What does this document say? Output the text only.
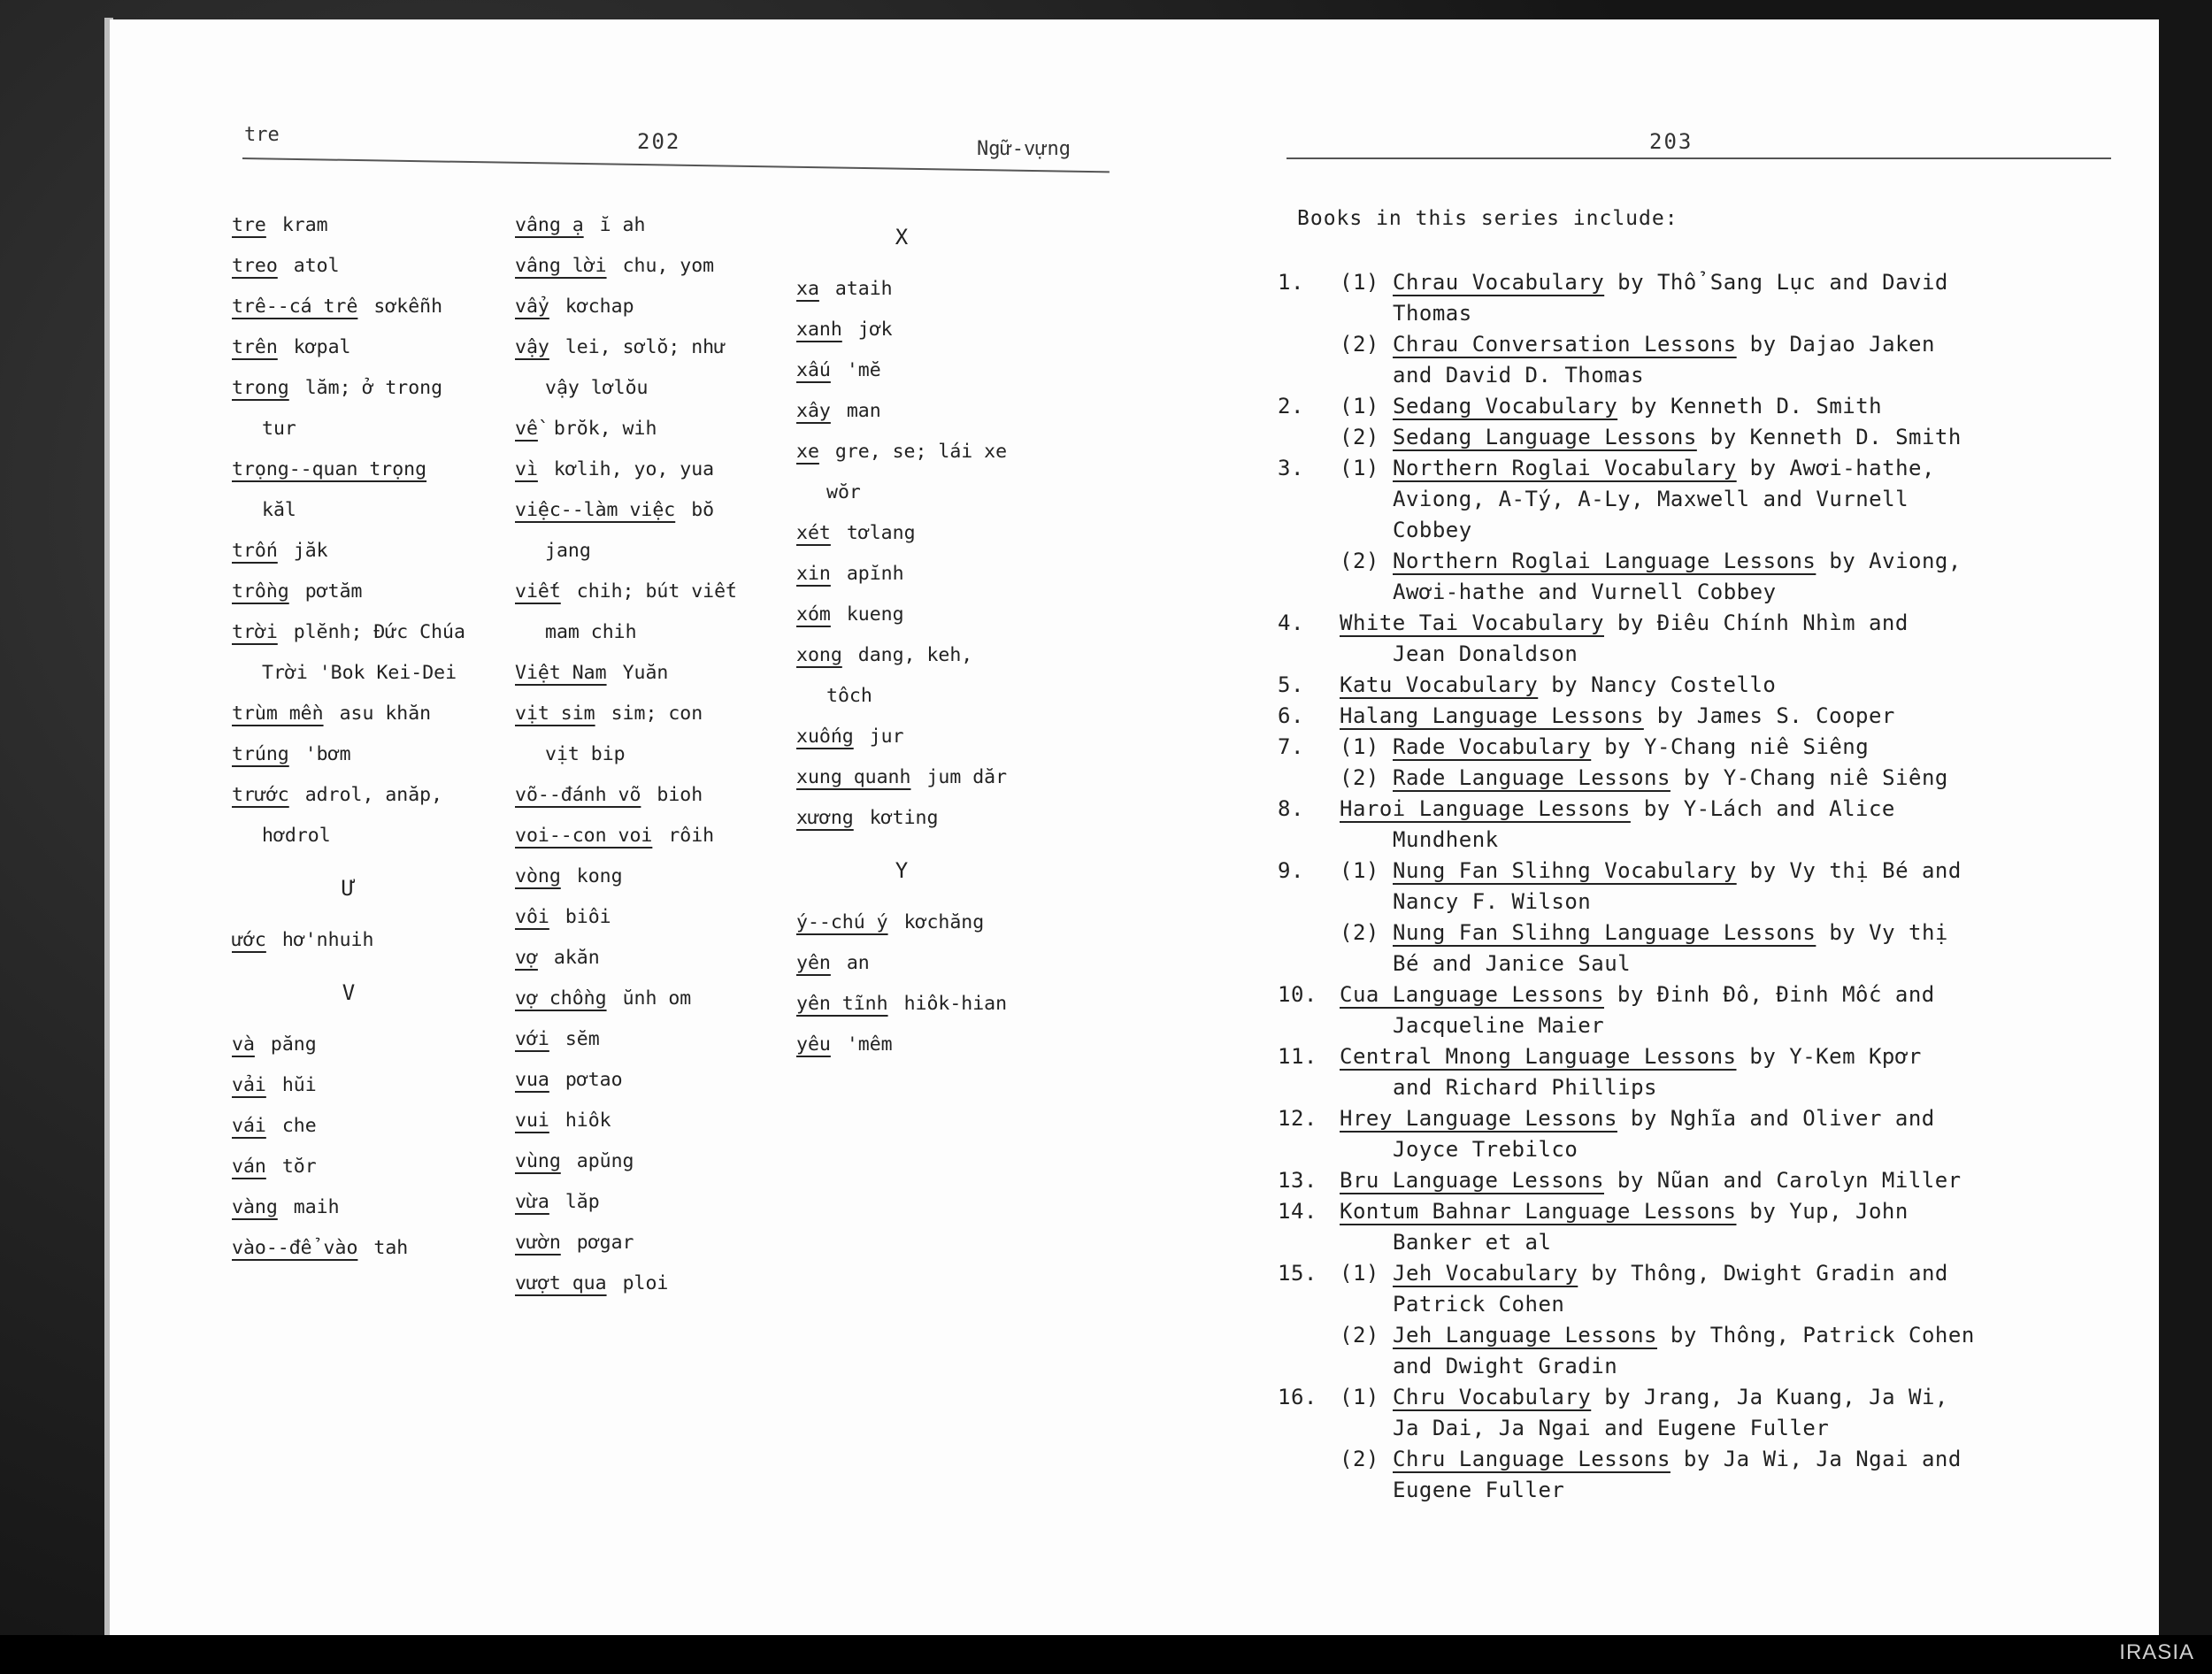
tre	202	Ngữ-vựng
tre kram
treo atol
trê--cá trê sơkễnh
trên kơpal
trong lăm; ở trong
tur
trọng--quan trọng
kăl
trốn jăk
trồng pơtăm
trời plĕnh; Đức Chúa
Trời 'Bok Kei-Dei
trùm mền asu khăn
trúng 'bơm
trước adrol, anăp,
hơdrol
Ư
ước hơ'nhuih
V
và păng
vải hŭi
vái che
ván tŏr
vàng maih
vào--để vào tah
vâng ạ ĭ ah
vâng lời chu, yom
vẩy kơchap
vậy lei, sơlŏ; như
vậy lơlŏu
về brŏk, wih
vì kơlih, yo, yua
việc--làm việc bŏ
jang
viết chih; bút viết
mam chih
Việt Nam Yuăn
vịt sim sim; con
vịt bip
võ--đánh võ bioh
voi--con voi rôih
vòng kong
vôi biôi
vợ akăn
vợ chồng ŭnh om
với sĕm
vua pơtao
vui hiôk
vùng apŭng
vừa lăp
vườn pơgar
vượt qua ploi
X
xa ataih
xanh jơk
xấu 'mĕ
xây man
xe gre, se; lái xe
wŏr
xét tơlang
xin apĭnh
xóm kueng
xong dang, keh,
tôch
xuống jur
xung quanh jum dăr
xương kơting
Y
ý--chú ý kơchăng
yên an
yên tĩnh hiôk-hian
yêu 'mêm
203
Books in this series include:
1. (1) Chrau Vocabulary by Thổ Sang Lục and David
Thomas
(2) Chrau Conversation Lessons by Dajao Jaken
and David D. Thomas
2. (1) Sedang Vocabulary by Kenneth D. Smith
(2) Sedang Language Lessons by Kenneth D. Smith
3. (1) Northern Roglai Vocabulary by Awơi-hathe,
Aviong, A-Tý, A-Ly, Maxwell and Vurnell
Cobbey
(2) Northern Roglai Language Lessons by Aviong,
Awơi-hathe and Vurnell Cobbey
4. White Tai Vocabulary by Điêu Chính Nhìm and
Jean Donaldson
5. Katu Vocabulary by Nancy Costello
6. Halang Language Lessons by James S. Cooper
7. (1) Rade Vocabulary by Y-Chang niê Siêng
(2) Rade Language Lessons by Y-Chang niê Siêng
8. Haroi Language Lessons by Y-Lách and Alice
Mundhenk
9. (1) Nung Fan Slihng Vocabulary by Vy thị Bé and
Nancy F. Wilson
(2) Nung Fan Slihng Language Lessons by Vy thị
Bé and Janice Saul
10. Cua Language Lessons by Đinh Đô, Đinh Mốc and
Jacqueline Maier
11. Central Mnong Language Lessons by Y-Kem Kpơr
and Richard Phillips
12. Hrey Language Lessons by Nghĩa and Oliver and
Joyce Trebilco
13. Bru Language Lessons by Nũan and Carolyn Miller
14. Kontum Bahnar Language Lessons by Yup, John
Banker et al
15. (1) Jeh Vocabulary by Thông, Dwight Gradin and
Patrick Cohen
(2) Jeh Language Lessons by Thông, Patrick Cohen
and Dwight Gradin
16. (1) Chru Vocabulary by Jrang, Ja Kuang, Ja Wi,
Ja Dai, Ja Ngai and Eugene Fuller
(2) Chru Language Lessons by Ja Wi, Ja Ngai and
Eugene Fuller
IRASIA
